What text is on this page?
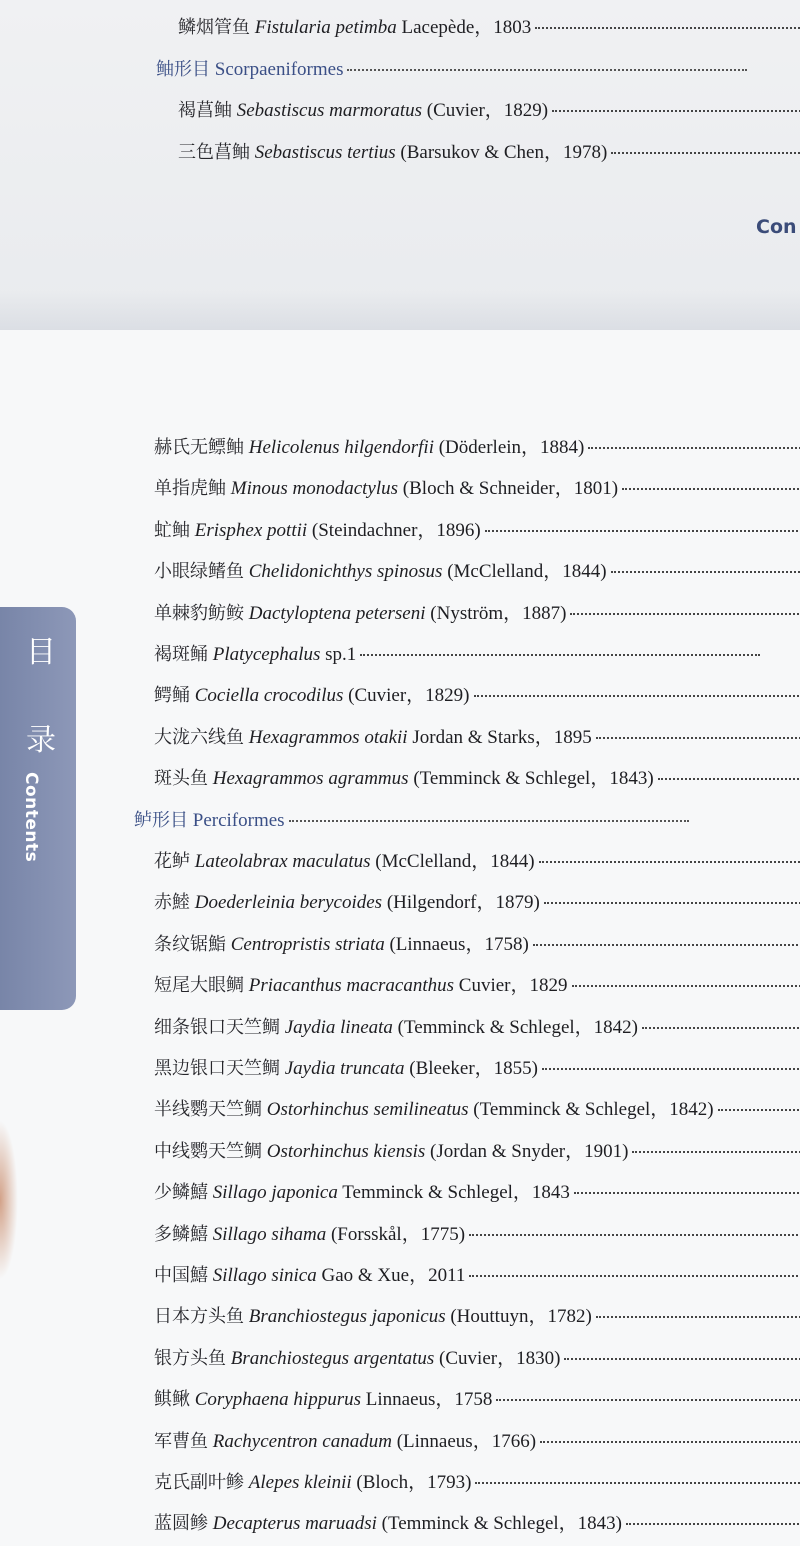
鳞烟管鱼 Fistularia petimba Lacepède，1803
鲉形目 Scorpaeniformes
褐菖鲉 Sebastiscus marmoratus (Cuvier，1829)
三色菖鲉 Sebastiscus tertius (Barsukov & Chen，1978)
Con
赫氏无鳔鲉 Helicolenus hilgendorfii (Döderlein，1884)
单指虎鲉 Minous monodactylus (Bloch & Schneider，1801)
虻鲉 Erisphex pottii (Steindachner，1896)
小眼绿鳍鱼 Chelidonichthys spinosus (McClelland，1844)
单棘豹鲂𩽾 Dactyloptena peterseni (Nyström，1887)
褐斑鲬 Platycephalus sp.1
鳄鲬 Cociella crocodilus (Cuvier，1829)
大泷六线鱼 Hexagrammos otakii Jordan & Starks，1895
斑头鱼 Hexagrammos agrammus (Temminck & Schlegel，1843)
鲈形目 Perciformes
花鲈 Lateolabrax maculatus (McClelland，1844)
赤鯥 Doederleinia berycoides (Hilgendorf，1879)
条纹锯鮨 Centropristis striata (Linnaeus，1758)
短尾大眼鲷 Priacanthus macracanthus Cuvier，1829
细条银口天竺鲷 Jaydia lineata (Temminck & Schlegel，1842)
黑边银口天竺鲷 Jaydia truncata (Bleeker，1855)
半线鹦天竺鲷 Ostorhinchus semilineatus (Temminck & Schlegel，1842)
中线鹦天竺鲷 Ostorhinchus kiensis (Jordan & Snyder，1901)
少鳞鱚 Sillago japonica Temminck & Schlegel，1843
多鳞鱚 Sillago sihama (Forsskål，1775)
中国鱚 Sillago sinica Gao & Xue，2011
日本方头鱼 Branchiostegus japonicus (Houttuyn，1782)
银方头鱼 Branchiostegus argentatus (Cuvier，1830)
鲯鳅 Coryphaena hippurus Linnaeus，1758
军曹鱼 Rachycentron canadum (Linnaeus，1766)
克氏副叶鲹 Alepes kleinii (Bloch，1793)
蓝圆鲹 Decapterus maruadsi (Temminck & Schlegel，1843)
目
录
Contents
